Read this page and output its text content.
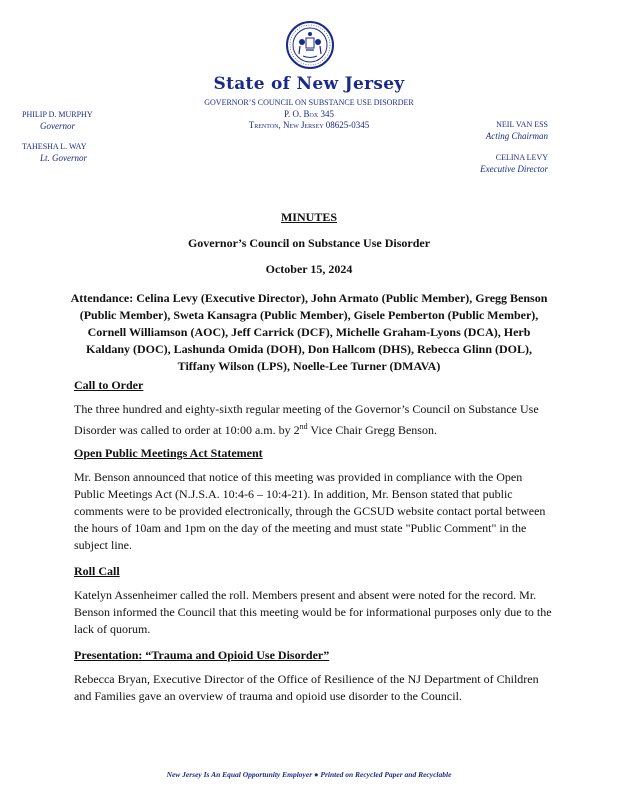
State of New Jersey
GOVERNOR’S COUNCIL ON SUBSTANCE USE DISORDER
P. O. Box 345
Trenton, New Jersey 08625-0345
PHILIP D. MURPHY
Governor
TAHESHA L. WAY
Lt. Governor
NEIL VAN ESS
Acting Chairman
CELINA LEVY
Executive Director
MINUTES
Governor’s Council on Substance Use Disorder
October 15, 2024
Attendance: Celina Levy (Executive Director), John Armato (Public Member), Gregg Benson (Public Member), Sweta Kansagra (Public Member), Gisele Pemberton (Public Member), Cornell Williamson (AOC), Jeff Carrick (DCF), Michelle Graham-Lyons (DCA), Herb Kaldany (DOC), Lashunda Omida (DOH), Don Hallcom (DHS), Rebecca Glinn (DOL), Tiffany Wilson (LPS), Noelle-Lee Turner (DMAVA)

Call to Order

The three hundred and eighty-sixth regular meeting of the Governor’s Council on Substance Use Disorder was called to order at 10:00 a.m. by 2nd Vice Chair Gregg Benson.

Open Public Meetings Act Statement

Mr. Benson announced that notice of this meeting was provided in compliance with the Open Public Meetings Act (N.J.S.A. 10:4-6 – 10:4-21). In addition, Mr. Benson stated that public comments were to be provided electronically, through the GCSUD website contact portal between the hours of 10am and 1pm on the day of the meeting and must state "Public Comment" in the subject line.

Roll Call

Katelyn Assenheimer called the roll. Members present and absent were noted for the record. Mr. Benson informed the Council that this meeting would be for informational purposes only due to the lack of quorum.

Presentation: “Trauma and Opioid Use Disorder”

Rebecca Bryan, Executive Director of the Office of Resilience of the NJ Department of Children and Families gave an overview of trauma and opioid use disorder to the Council.

New Jersey Is An Equal Opportunity Employer ● Printed on Recycled Paper and Recyclable
